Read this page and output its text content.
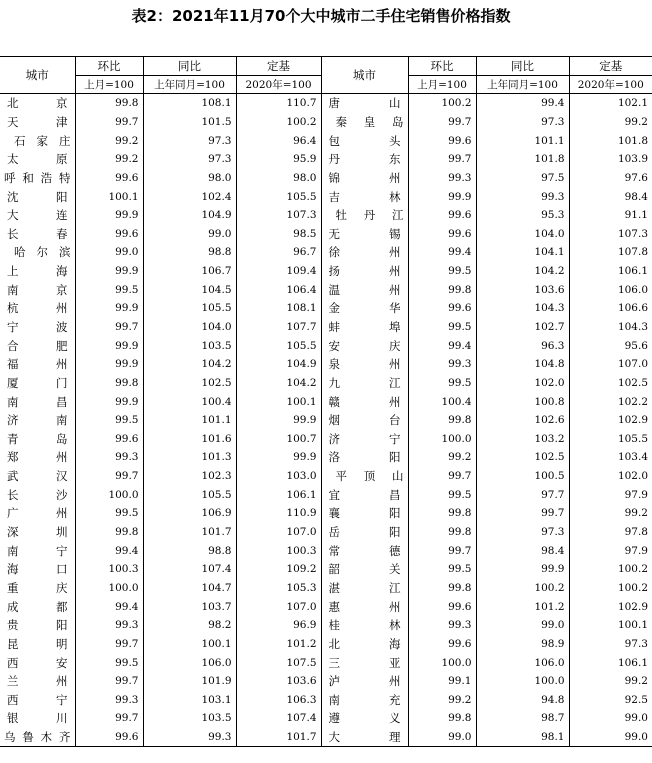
表2：2021年11月70个大中城市二手住宅销售价格指数
城市	环比	同比	定基	城市	环比	同比	定基
	上月=100	上年同月=100	2020年=100		上月=100	上年同月=100	2020年=100
北　京	99.8	108.1	110.7	唐　山	100.2	99.4	102.1
天　津	99.7	101.5	100.2	秦皇岛	99.7	97.3	99.2
石家庄	99.2	97.3	96.4	包　头	99.6	101.1	101.8
太　原	99.2	97.3	95.9	丹　东	99.7	101.8	103.9
呼和浩特	99.6	98.0	98.0	锦　州	99.3	97.5	97.6
沈　阳	100.1	102.4	105.5	吉　林	99.9	99.3	98.4
大　连	99.9	104.9	107.3	牡丹江	99.6	95.3	91.1
长　春	99.6	99.0	98.5	无　锡	99.6	104.0	107.3
哈尔滨	99.0	98.8	96.7	徐　州	99.4	104.1	107.8
上　海	99.9	106.7	109.4	扬　州	99.5	104.2	106.1
南　京	99.5	104.5	106.4	温　州	99.8	103.6	106.0
杭　州	99.9	105.5	108.1	金　华	99.6	104.3	106.6
宁　波	99.7	104.0	107.7	蚌　埠	99.5	102.7	104.3
合　肥	99.9	103.5	105.5	安　庆	99.4	96.3	95.6
福　州	99.9	104.2	104.9	泉　州	99.3	104.8	107.0
厦　门	99.8	102.5	104.2	九　江	99.5	102.0	102.5
南　昌	99.9	100.4	100.1	赣　州	100.4	100.8	102.2
济　南	99.5	101.1	99.9	烟　台	99.8	102.6	102.9
青　岛	99.6	101.6	100.7	济　宁	100.0	103.2	105.5
郑　州	99.3	101.3	99.9	洛　阳	99.2	102.5	103.4
武　汉	99.7	102.3	103.0	平顶山	99.7	100.5	102.0
长　沙	100.0	105.5	106.1	宜　昌	99.5	97.7	97.9
广　州	99.5	106.9	110.9	襄　阳	99.8	99.7	99.2
深　圳	99.8	101.7	107.0	岳　阳	99.8	97.3	97.8
南　宁	99.4	98.8	100.3	常　德	99.7	98.4	97.9
海　口	100.3	107.4	109.2	韶　关	99.5	99.9	100.2
重　庆	100.0	104.7	105.3	湛　江	99.8	100.2	100.2
成　都	99.4	103.7	107.0	惠　州	99.6	101.2	102.9
贵　阳	99.3	98.2	96.9	桂　林	99.3	99.0	100.1
昆　明	99.7	100.1	101.2	北　海	99.6	98.9	97.3
西　安	99.5	106.0	107.5	三　亚	100.0	106.0	106.1
兰　州	99.7	101.9	103.6	泸　州	99.1	100.0	99.2
西　宁	99.3	103.1	106.3	南　充	99.2	94.8	92.5
银　川	99.7	103.5	107.4	遵　义	99.8	98.7	99.0
乌鲁木齐	99.6	99.3	101.7	大　理	99.0	98.1	99.0
